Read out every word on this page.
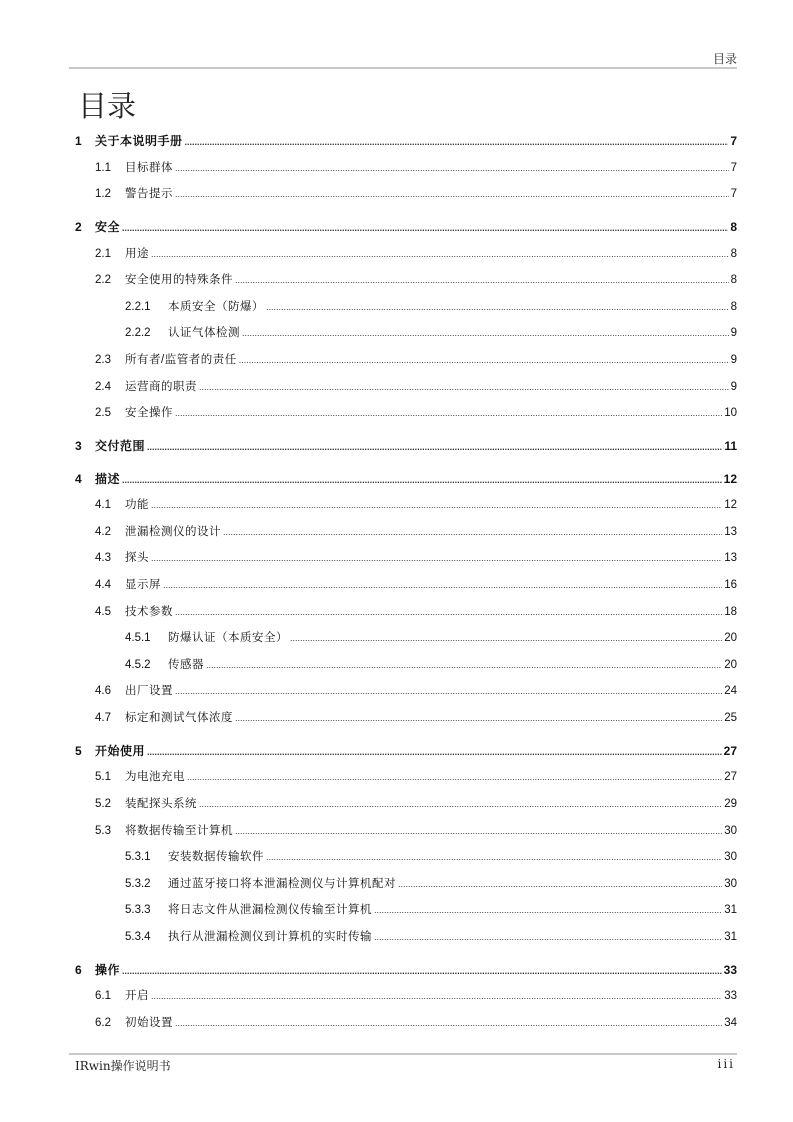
目录
目录
1	关于本说明手册 .....	7
1.1	目标群体 .....	7
1.2	警告提示 .....	7
2	安全 .....	8
2.1	用途 .....	8
2.2	安全使用的特殊条件 .....	8
2.2.1	本质安全（防爆） .....	8
2.2.2	认证气体检测 .....	9
2.3	所有者/监管者的责任 .....	9
2.4	运营商的职责 .....	9
2.5	安全操作 .....	10
3	交付范围 .....	11
4	描述 .....	12
4.1	功能 .....	12
4.2	泄漏检测仪的设计 .....	13
4.3	探头 .....	13
4.4	显示屏 .....	16
4.5	技术参数 .....	18
4.5.1	防爆认证（本质安全） .....	20
4.5.2	传感器 .....	20
4.6	出厂设置 .....	24
4.7	标定和测试气体浓度 .....	25
5	开始使用 .....	27
5.1	为电池充电 .....	27
5.2	装配探头系统 .....	29
5.3	将数据传输至计算机 .....	30
5.3.1	安装数据传输软件 .....	30
5.3.2	通过蓝牙接口将本泄漏检测仪与计算机配对 .....	30
5.3.3	将日志文件从泄漏检测仪传输至计算机 .....	31
5.3.4	执行从泄漏检测仪到计算机的实时传输 .....	31
6	操作 .....	33
6.1	开启 .....	33
6.2	初始设置 .....	34
IRwin操作说明书	iii
